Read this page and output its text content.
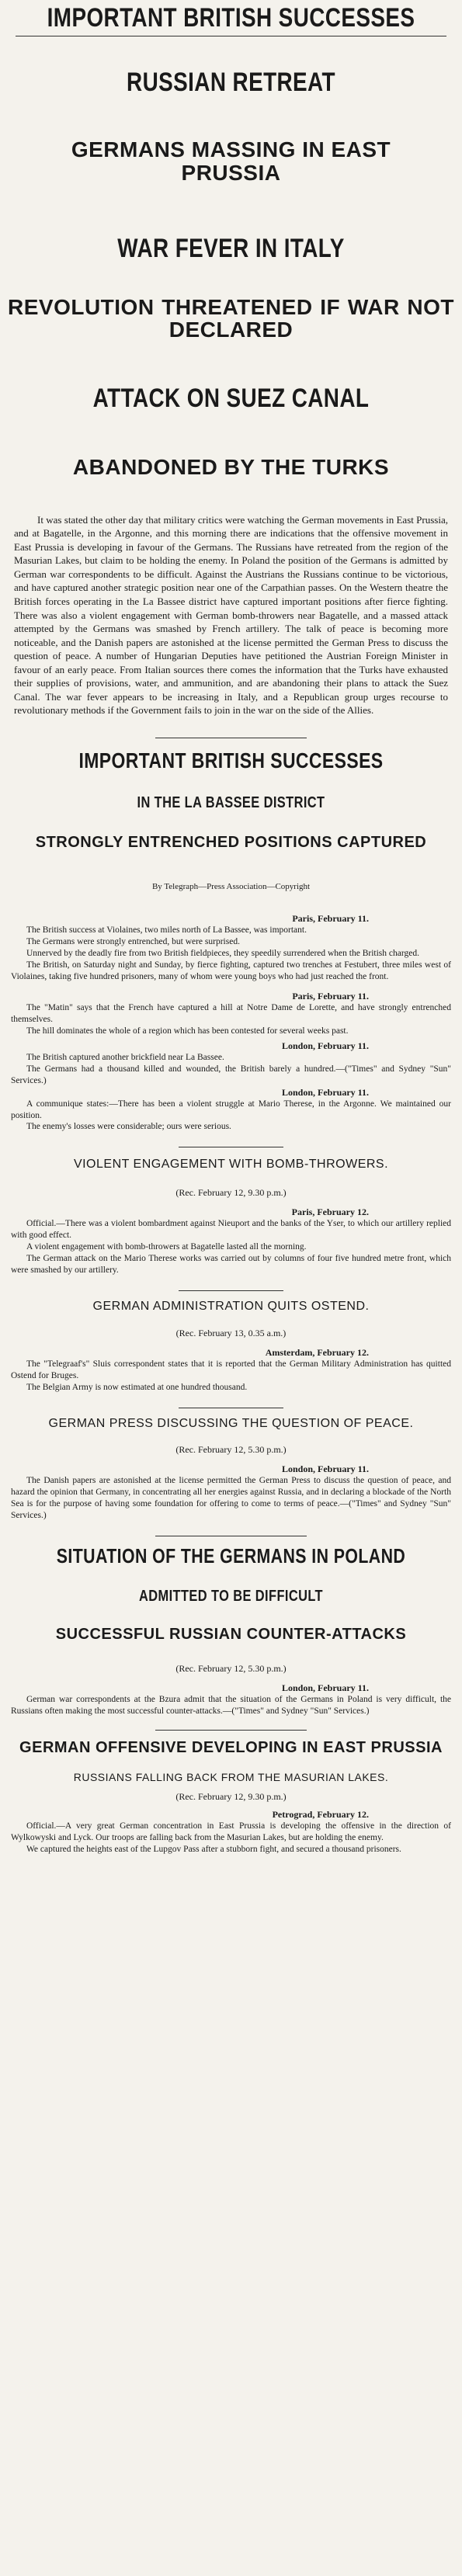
IMPORTANT BRITISH SUCCESSES
RUSSIAN RETREAT
GERMANS MASSING IN EAST PRUSSIA
WAR FEVER IN ITALY
REVOLUTION THREATENED IF WAR NOT DECLARED
ATTACK ON SUEZ CANAL
ABANDONED BY THE TURKS

It was stated the other day that military critics were watching the German movements in East Prussia, and at Bagatelle, in the Argonne, and this morning there are indications that the offensive movement in East Prussia is developing in favour of the Germans. The Russians have retreated from the region of the Masurian Lakes, but claim to be holding the enemy. In Poland the position of the Germans is admitted by German war correspondents to be difficult. Against the Austrians the Russians continue to be victorious, and have captured another strategic position near one of the Carpathian passes. On the Western theatre the British forces operating in the La Bassee district have captured important positions after fierce fighting. There was also a violent engagement with German bomb-throwers near Bagatelle, and a massed attack attempted by the Germans was smashed by French artillery. The talk of peace is becoming more noticeable, and the Danish papers are astonished at the license permitted the German Press to discuss the question of peace. A number of Hungarian Deputies have petitioned the Austrian Foreign Minister in favour of an early peace. From Italian sources there comes the information that the Turks have exhausted their supplies of provisions, water, and ammunition, and are abandoning their plans to attack the Suez Canal. The war fever appears to be increasing in Italy, and a Republican group urges recourse to revolutionary methods if the Government fails to join in the war on the side of the Allies.

IMPORTANT BRITISH SUCCESSES
IN THE LA BASSEE DISTRICT
STRONGLY ENTRENCHED POSITIONS CAPTURED
By Telegraph—Press Association—Copyright
Paris, February 11.

The British success at Violaines, two miles north of La Bassee, was important.

The Germans were strongly entrenched, but were surprised.

Unnerved by the deadly fire from two British fieldpieces, they speedily surrendered when the British charged.

The British, on Saturday night and Sunday, by fierce fighting, captured two trenches at Festubert, three miles west of Violaines, taking five hundred prisoners, many of whom were young boys who had just reached the front.

Paris, February 11.

The "Matin" says that the French have captured a hill at Notre Dame de Lorette, and have strongly entrenched themselves.

The hill dominates the whole of a region which has been contested for several weeks past.

London, February 11.

The British captured another brickfield near La Bassee.

The Germans had a thousand killed and wounded, the British barely a hundred.—("Times" and Sydney "Sun" Services.)

London, February 11.

A communique states:—There has been a violent struggle at Mario Therese, in the Argonne. We maintained our position.

The enemy's losses were considerable; ours were serious.

VIOLENT ENGAGEMENT WITH BOMB-THROWERS.
(Rec. February 12, 9.30 p.m.)
Paris, February 12.

Official.—There was a violent bombardment against Nieuport and the banks of the Yser, to which our artillery replied with good effect.

A violent engagement with bomb-throwers at Bagatelle lasted all the morning.

The German attack on the Mario Therese works was carried out by columns of four five hundred metre front, which were smashed by our artillery.

GERMAN ADMINISTRATION QUITS OSTEND.
(Rec. February 13, 0.35 a.m.)
Amsterdam, February 12.

The "Telegraaf's" Sluis correspondent states that it is reported that the German Military Administration has quitted Ostend for Bruges.

The Belgian Army is now estimated at one hundred thousand.

GERMAN PRESS DISCUSSING THE QUESTION OF PEACE.
(Rec. February 12, 5.30 p.m.)
London, February 11.

The Danish papers are astonished at the license permitted the German Press to discuss the question of peace, and hazard the opinion that Germany, in concentrating all her energies against Russia, and in declaring a blockade of the North Sea is for the purpose of having some foundation for offering to come to terms of peace.—("Times" and Sydney "Sun" Services.)

SITUATION OF THE GERMANS IN POLAND
ADMITTED TO BE DIFFICULT
SUCCESSFUL RUSSIAN COUNTER-ATTACKS
(Rec. February 12, 5.30 p.m.)
London, February 11.

German war correspondents at the Bzura admit that the situation of the Germans in Poland is very difficult, the Russians often making the most successful counter-attacks.—("Times" and Sydney "Sun" Services.)

GERMAN OFFENSIVE DEVELOPING IN EAST PRUSSIA
RUSSIANS FALLING BACK FROM THE MASURIAN LAKES.
(Rec. February 12, 9.30 p.m.)
Petrograd, February 12.

Official.—A very great German concentration in East Prussia is developing the offensive in the direction of Wylkowyski and Lyck. Our troops are falling back from the Masurian Lakes, but are holding the enemy.

We captured the heights east of the Lupgov Pass after a stubborn fight, and secured a thousand prisoners.
